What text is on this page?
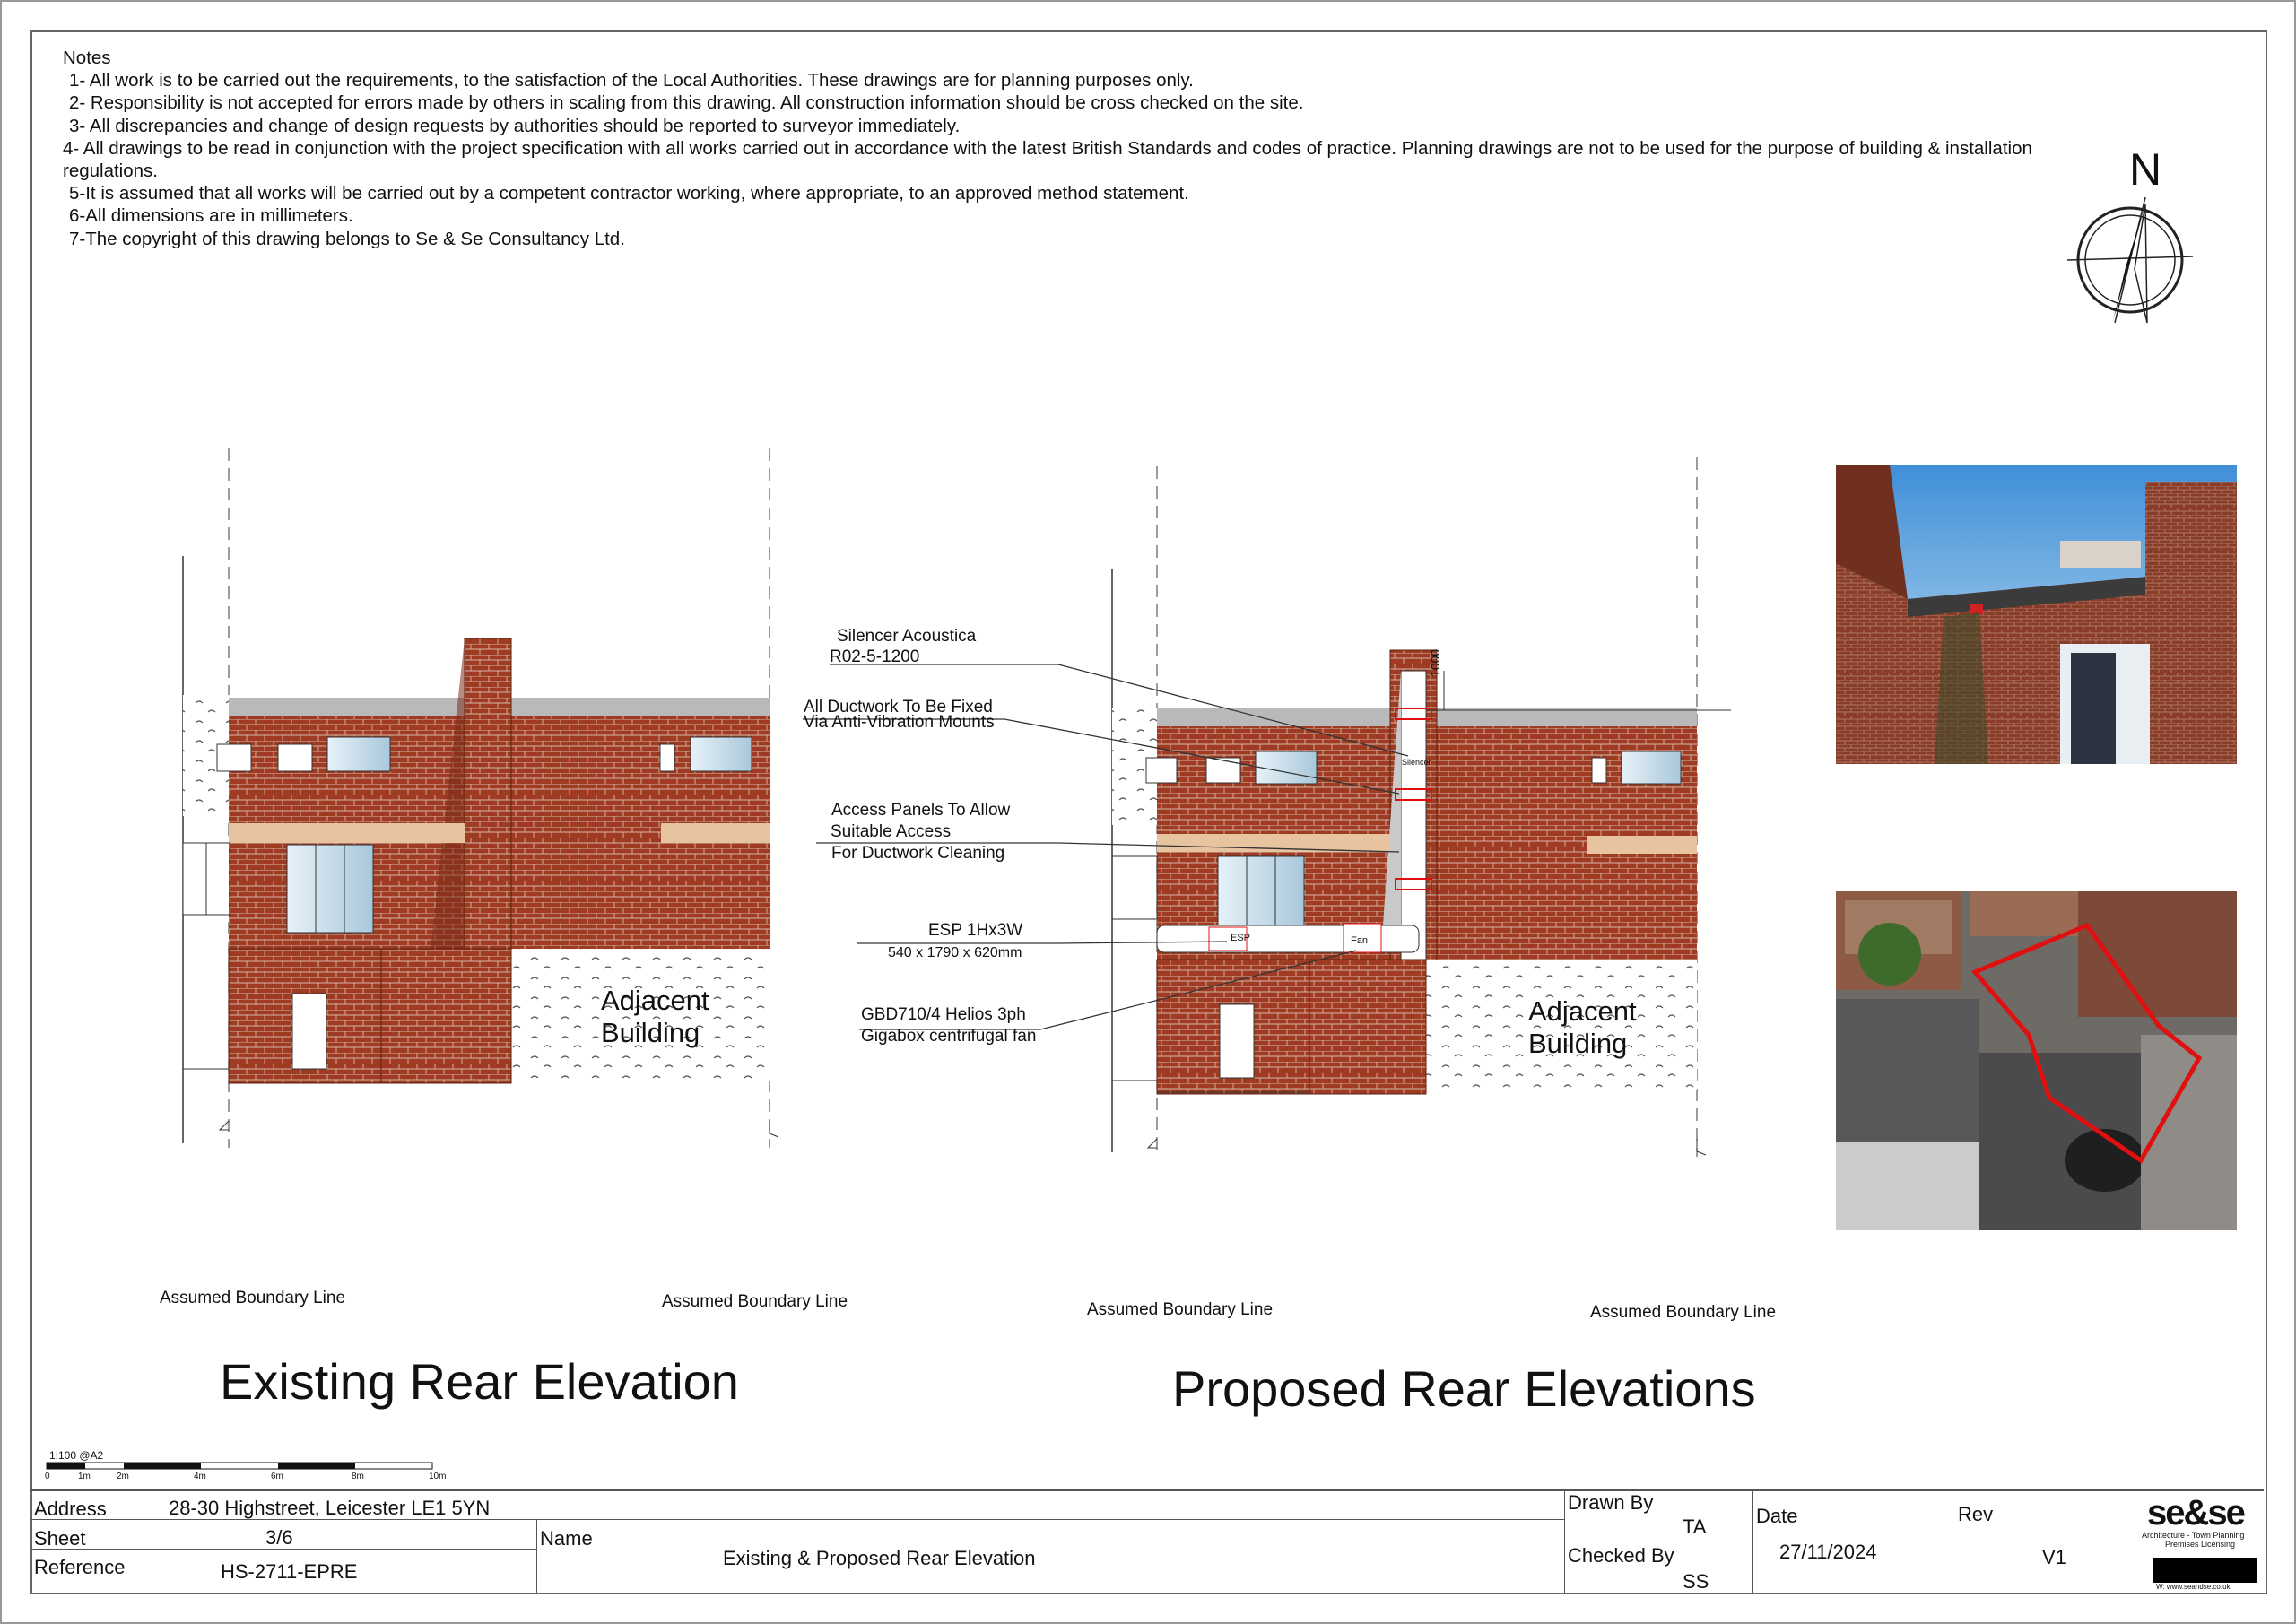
Notes
1- All work is to be carried out the requirements, to the satisfaction of the Local Authorities. These drawings are for planning purposes only.
2- Responsibility is not accepted for errors made by others in scaling from this drawing. All construction information should be cross checked on the site.
3- All discrepancies and change of design requests by authorities should be reported to surveyor immediately.
4- All drawings to be read in conjunction with the project specification with all works carried out in accordance with the latest British Standards and codes of practice. Planning drawings are not to be used for the purpose of building & installation regulations.
5-It is assumed that all works will be carried out by a competent contractor working, where appropriate, to an approved method statement.
6-All dimensions are in millimeters.
7-The copyright of this drawing belongs to Se & Se Consultancy Ltd.
N
Adjacent
Building
1000
Silencer
ESP	Fan
Adjacent
Building
Silencer Acoustica
R02-5-1200
All Ductwork To Be Fixed
Via Anti-Vibration Mounts
Access Panels To Allow
Suitable Access
For Ductwork Cleaning
ESP 1Hx3W
540 x 1790 x 620mm
GBD710/4 Helios 3ph
Gigabox centrifugal fan
Assumed Boundary Line	Assumed Boundary Line	Assumed Boundary Line	Assumed Boundary Line
Existing Rear Elevation	Proposed Rear Elevations
1:100 @A2
0	1m	2m	4m	6m	8m	10m
Address	28-30 Highstreet, Leicester LE1 5YN
Sheet	3/6
Reference	HS-2711-EPRE
Name
Existing & Proposed Rear Elevation
Drawn By
TA
Checked By
SS
Date
27/11/2024
Rev
V1
se&se
Architecture - Town Planning
Premises Licensing
W: www.seandse.co.uk
